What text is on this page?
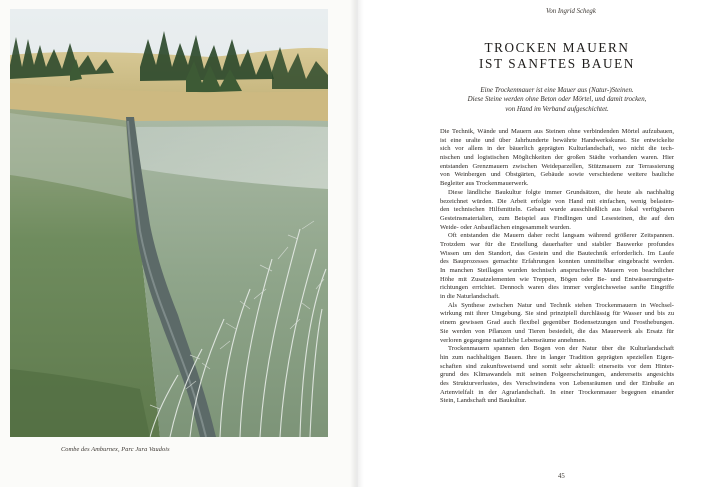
Combe des Amburnex, Parc Jura Vaudois
Von Ingrid Schegk
TROCKEN MAUERN
IST SANFTES BAUEN
Eine Trockenmauer ist eine Mauer aus (Natur-)Steinen.
Diese Steine werden ohne Beton oder Mörtel, und damit trocken,
von Hand im Verband aufgeschichtet.
Die Technik, Wände und Mauern aus Steinen ohne verbindenden Mörtel aufzubauen,
ist eine uralte und über Jahrhunderte bewährte Handwerkskunst. Sie entwickelte
sich vor allem in der bäuerlich geprägten Kulturlandschaft, wo nicht die tech-
nischen und logistischen Möglichkeiten der großen Städte vorhanden waren. Hier
entstanden Grenzmauern zwischen Weideparzellen, Stützmauern zur Terrassierung
von Weinbergen und Obstgärten, Gebäude sowie verschiedene weitere bauliche
Begleiter aus Trockenmauerwerk.
Diese ländliche Baukultur folgte immer Grundsätzen, die heute als nachhaltig
bezeichnet würden. Die Arbeit erfolgte von Hand mit einfachen, wenig belasten-
den technischen Hilfsmitteln. Gebaut wurde ausschließlich aus lokal verfügbaren
Gesteinsmaterialien, zum Beispiel aus Findlingen und Lesesteinen, die auf den
Weide- oder Anbauflächen eingesammelt wurden.
Oft entstanden die Mauern daher recht langsam während größerer Zeitspannen.
Trotzdem war für die Erstellung dauerhafter und stabiler Bauwerke profundes
Wissen um den Standort, das Gestein und die Bautechnik erforderlich. Im Laufe
des Bauprozesses gemachte Erfahrungen konnten unmittelbar eingebracht werden.
In manchen Steillagen wurden technisch anspruchsvolle Mauern von beachtlicher
Höhe mit Zusatzelementen wie Treppen, Bögen oder Be- und Entwässerungsein-
richtungen errichtet. Dennoch waren dies immer vergleichsweise sanfte Eingriffe
in die Naturlandschaft.
Als Synthese zwischen Natur und Technik stehen Trockenmauern in Wechsel-
wirkung mit ihrer Umgebung. Sie sind prinzipiell durchlässig für Wasser und bis zu
einem gewissen Grad auch flexibel gegenüber Bodensetzungen und Frosthebungen.
Sie werden von Pflanzen und Tieren besiedelt, die das Mauerwerk als Ersatz für
verloren gegangene natürliche Lebensräume annehmen.
Trockenmauern spannen den Bogen von der Natur über die Kulturlandschaft
hin zum nachhaltigen Bauen. Ihre in langer Tradition geprägten speziellen Eigen-
schaften sind zukunftsweisend und somit sehr aktuell: einerseits vor dem Hinter-
grund des Klimawandels mit seinen Folgeerscheinungen, andererseits angesichts
des Strukturverlustes, des Verschwindens von Lebensräumen und der Einbuße an
Artenvielfalt in der Agrarlandschaft. In einer Trockenmauer begegnen einander
Stein, Landschaft und Baukultur.
45
